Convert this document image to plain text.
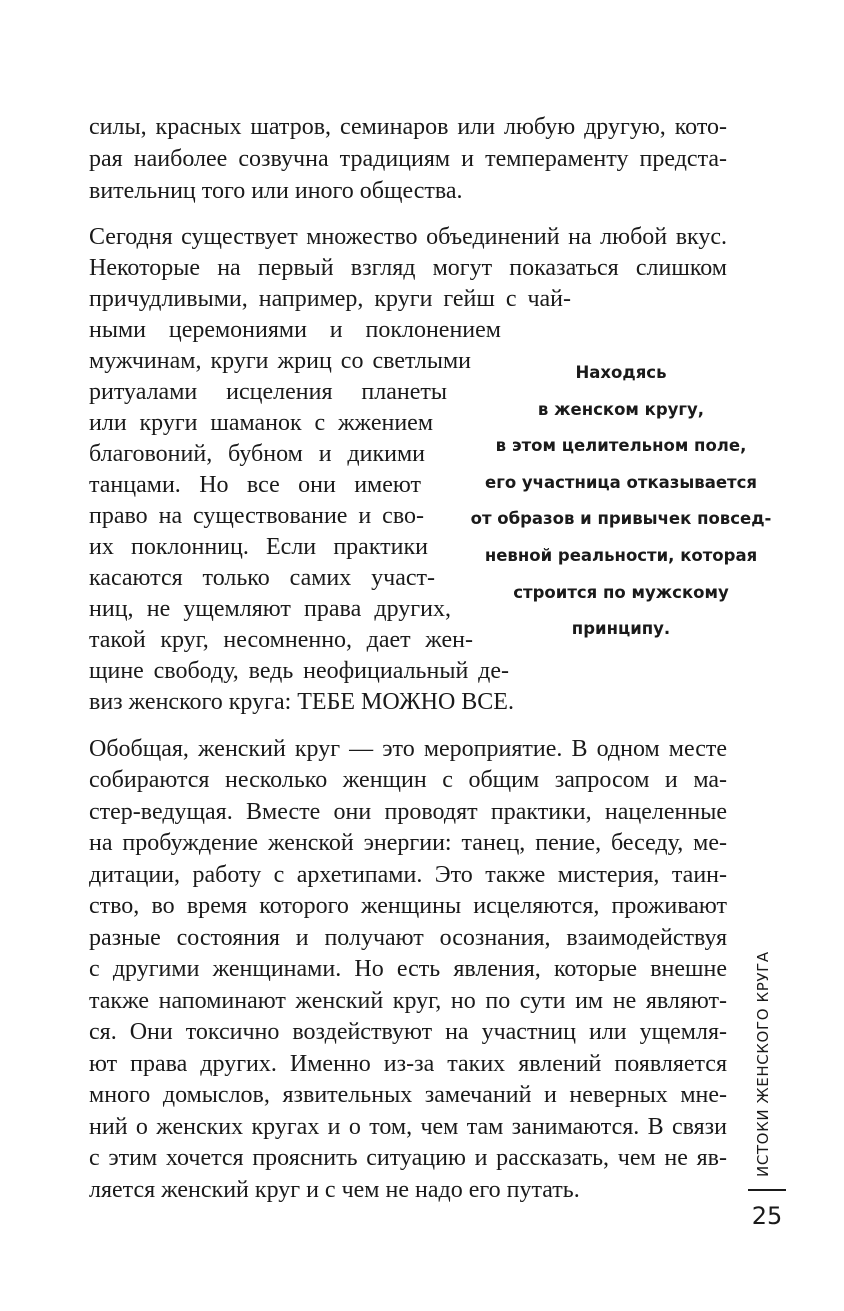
силы, красных шатров, семинаров или любую другую, кото-

рая наиболее созвучна традициям и темпераменту предста-

вительниц того или иного общества.

Сегодня существует множество объединений на любой вкус.

Некоторые на первый взгляд могут показаться слишком

причудливыми, например, круги гейш с чай-

ными церемониями и поклонением

мужчинам, круги жриц со светлыми

ритуалами исцеления планеты

или круги шаманок с жжением

благовоний, бубном и дикими

танцами. Но все они имеют

право на существование и сво-

их поклонниц. Если практики

касаются только самих участ-

ниц, не ущемляют права других,

такой круг, несомненно, дает жен-

щине свободу, ведь неофициальный де-

виз женского круга: ТЕБЕ МОЖНО ВСЕ.

Находясь
в женском кругу,
в этом целительном поле,
его участница отказывается
от образов и привычек повсед-
невной реальности, которая
строится по мужскому
принципу.

Обобщая, женский круг — это мероприятие. В одном месте

собираются несколько женщин с общим запросом и ма-

стер-ведущая. Вместе они проводят практики, нацеленные

на пробуждение женской энергии: танец, пение, беседу, ме-

дитации, работу с архетипами. Это также мистерия, таин-

ство, во время которого женщины исцеляются, проживают

разные состояния и получают осознания, взаимодействуя

с другими женщинами. Но есть явления, которые внешне

также напоминают женский круг, но по сути им не являют-

ся. Они токсично воздействуют на участниц или ущемля-

ют права других. Именно из-за таких явлений появляется

много домыслов, язвительных замечаний и неверных мне-

ний о женских кругах и о том, чем там занимаются. В связи

с этим хочется прояснить ситуацию и рассказать, чем не яв-

ляется женский круг и с чем не надо его путать.

ИСТОКИ ЖЕНСКОГО КРУГА
25
